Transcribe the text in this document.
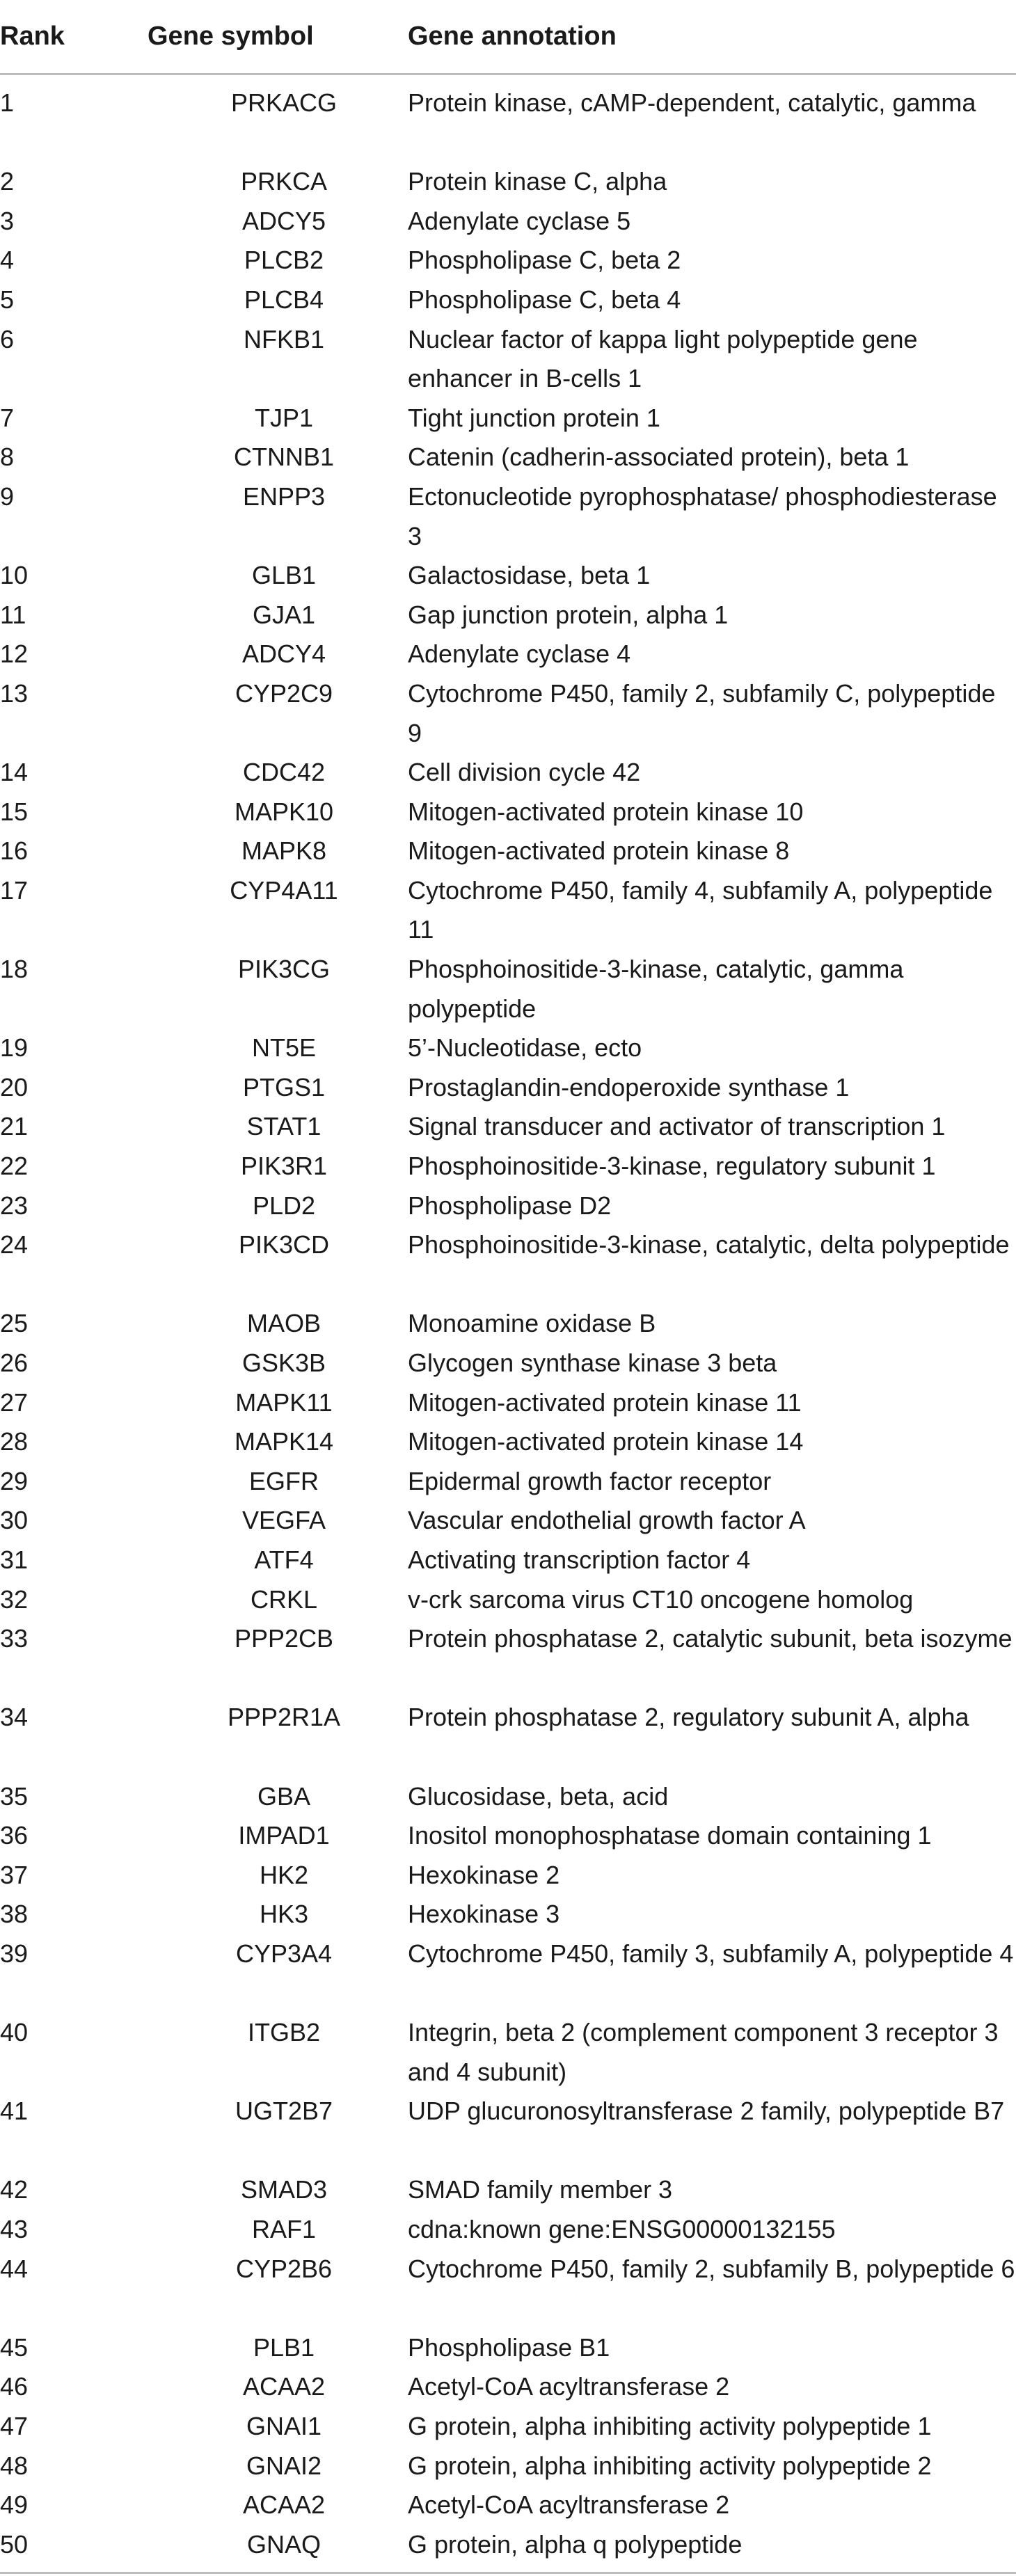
Rank	Gene symbol	Gene annotation
1	PRKACG	Protein kinase, cAMP-dependent, catalytic, gamma
2	PRKCA	Protein kinase C, alpha
3	ADCY5	Adenylate cyclase 5
4	PLCB2	Phospholipase C, beta 2
5	PLCB4	Phospholipase C, beta 4
6	NFKB1	Nuclear factor of kappa light polypeptide gene enhancer in B-cells 1
7	TJP1	Tight junction protein 1
8	CTNNB1	Catenin (cadherin-associated protein), beta 1
9	ENPP3	Ectonucleotide pyrophosphatase/ phosphodiesterase 3
10	GLB1	Galactosidase, beta 1
11	GJA1	Gap junction protein, alpha 1
12	ADCY4	Adenylate cyclase 4
13	CYP2C9	Cytochrome P450, family 2, subfamily C, polypeptide 9
14	CDC42	Cell division cycle 42
15	MAPK10	Mitogen-activated protein kinase 10
16	MAPK8	Mitogen-activated protein kinase 8
17	CYP4A11	Cytochrome P450, family 4, subfamily A, polypeptide 11
18	PIK3CG	Phosphoinositide-3-kinase, catalytic, gamma polypeptide
19	NT5E	5’-Nucleotidase, ecto
20	PTGS1	Prostaglandin-endoperoxide synthase 1
21	STAT1	Signal transducer and activator of transcription 1
22	PIK3R1	Phosphoinositide-3-kinase, regulatory subunit 1
23	PLD2	Phospholipase D2
24	PIK3CD	Phosphoinositide-3-kinase, catalytic, delta polypeptide
25	MAOB	Monoamine oxidase B
26	GSK3B	Glycogen synthase kinase 3 beta
27	MAPK11	Mitogen-activated protein kinase 11
28	MAPK14	Mitogen-activated protein kinase 14
29	EGFR	Epidermal growth factor receptor
30	VEGFA	Vascular endothelial growth factor A
31	ATF4	Activating transcription factor 4
32	CRKL	v-crk sarcoma virus CT10 oncogene homolog
33	PPP2CB	Protein phosphatase 2, catalytic subunit, beta isozyme
34	PPP2R1A	Protein phosphatase 2, regulatory subunit A, alpha
35	GBA	Glucosidase, beta, acid
36	IMPAD1	Inositol monophosphatase domain containing 1
37	HK2	Hexokinase 2
38	HK3	Hexokinase 3
39	CYP3A4	Cytochrome P450, family 3, subfamily A, polypeptide 4
40	ITGB2	Integrin, beta 2 (complement component 3 receptor 3 and 4 subunit)
41	UGT2B7	UDP glucuronosyltransferase 2 family, polypeptide B7
42	SMAD3	SMAD family member 3
43	RAF1	cdna:known gene:ENSG00000132155
44	CYP2B6	Cytochrome P450, family 2, subfamily B, polypeptide 6
45	PLB1	Phospholipase B1
46	ACAA2	Acetyl-CoA acyltransferase 2
47	GNAI1	G protein, alpha inhibiting activity polypeptide 1
48	GNAI2	G protein, alpha inhibiting activity polypeptide 2
49	ACAA2	Acetyl-CoA acyltransferase 2
50	GNAQ	G protein, alpha q polypeptide
